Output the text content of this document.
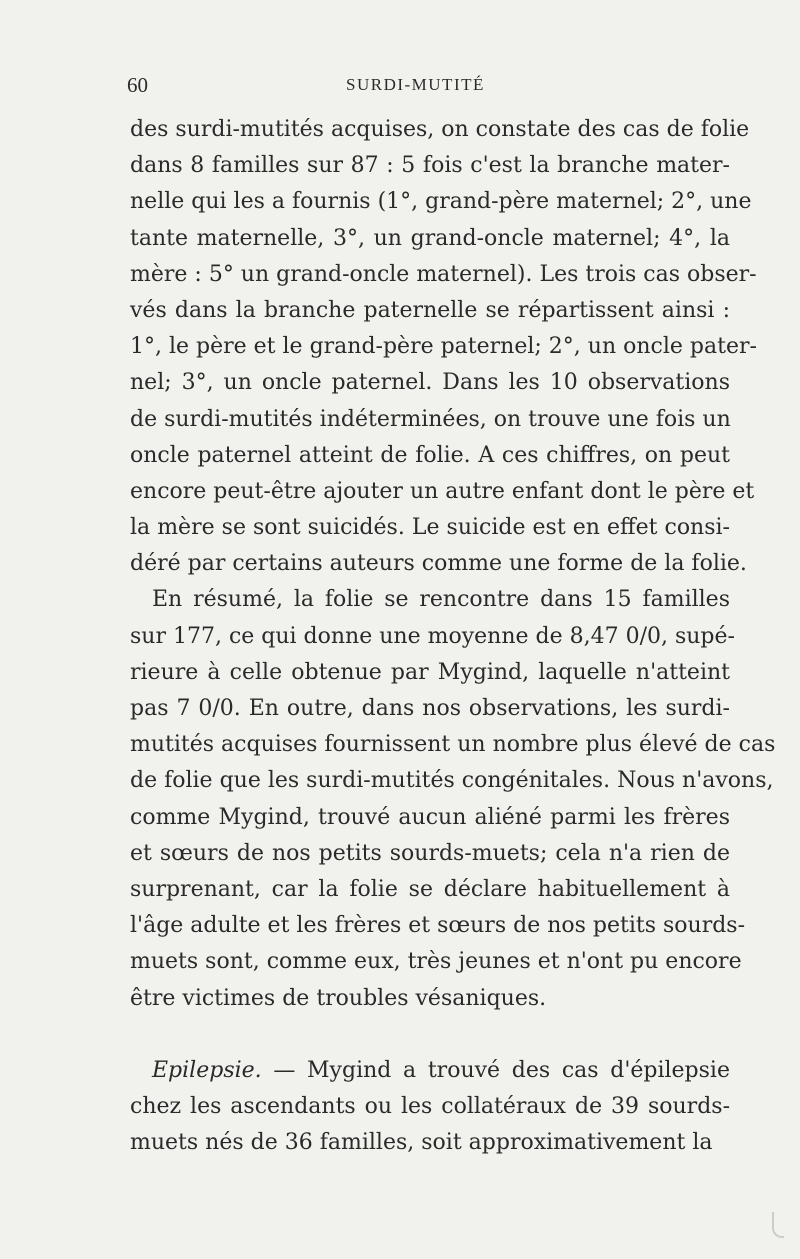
60	SURDI-MUTITÉ
des surdi-mutités acquises, on constate des cas de folie
dans 8 familles sur 87 : 5 fois c'est la branche mater-
nelle qui les a fournis (1°, grand-père maternel; 2°, une
tante maternelle, 3°, un grand-oncle maternel; 4°, la
mère : 5° un grand-oncle maternel). Les trois cas obser-
vés dans la branche paternelle se répartissent ainsi :
1°, le père et le grand-père paternel; 2°, un oncle pater-
nel; 3°, un oncle paternel. Dans les 10 observations
de surdi-mutités indéterminées, on trouve une fois un
oncle paternel atteint de folie. A ces chiffres, on peut
encore peut-être ajouter un autre enfant dont le père et
la mère se sont suicidés. Le suicide est en effet consi-
déré par certains auteurs comme une forme de la folie.
En résumé, la folie se rencontre dans 15 familles
sur 177, ce qui donne une moyenne de 8,47 0/0, supé-
rieure à celle obtenue par Mygind, laquelle n'atteint
pas 7 0/0. En outre, dans nos observations, les surdi-
mutités acquises fournissent un nombre plus élevé de cas
de folie que les surdi-mutités congénitales. Nous n'avons,
comme Mygind, trouvé aucun aliéné parmi les frères
et sœurs de nos petits sourds-muets; cela n'a rien de
surprenant, car la folie se déclare habituellement à
l'âge adulte et les frères et sœurs de nos petits sourds-
muets sont, comme eux, très jeunes et n'ont pu encore
être victimes de troubles vésaniques.
Epilepsie. — Mygind a trouvé des cas d'épilepsie
chez les ascendants ou les collatéraux de 39 sourds-
muets nés de 36 familles, soit approximativement la
